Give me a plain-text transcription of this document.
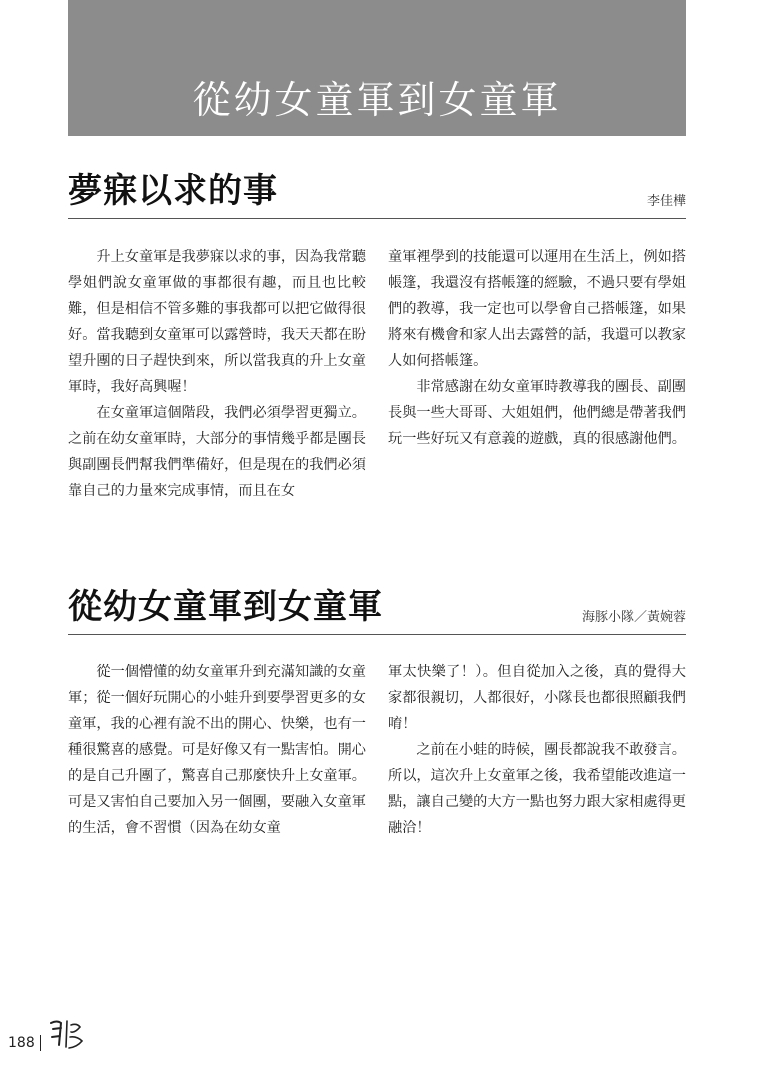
從幼女童軍到女童軍
夢寐以求的事	李佳樺

升上女童軍是我夢寐以求的事，因為我常聽學姐們說女童軍做的事都很有趣，而且也比較難，但是相信不管多難的事我都可以把它做得很好。當我聽到女童軍可以露營時，我天天都在盼望升團的日子趕快到來，所以當我真的升上女童軍時，我好高興喔！

在女童軍這個階段，我們必須學習更獨立。之前在幼女童軍時，大部分的事情幾乎都是團長與副團長們幫我們準備好，但是現在的我們必須靠自己的力量來完成事情，而且在女

童軍裡學到的技能還可以運用在生活上，例如搭帳篷，我還沒有搭帳篷的經驗，不過只要有學姐們的教導，我一定也可以學會自己搭帳篷，如果將來有機會和家人出去露營的話，我還可以教家人如何搭帳篷。

非常感謝在幼女童軍時教導我的團長、副團長與一些大哥哥、大姐姐們，他們總是帶著我們玩一些好玩又有意義的遊戲，真的很感謝他們。

從幼女童軍到女童軍	海豚小隊／黃婉蓉

從一個懵懂的幼女童軍升到充滿知識的女童軍；從一個好玩開心的小蛙升到要學習更多的女童軍，我的心裡有說不出的開心、快樂，也有一種很驚喜的感覺。可是好像又有一點害怕。開心的是自己升團了，驚喜自己那麼快升上女童軍。可是又害怕自己要加入另一個團，要融入女童軍的生活，會不習慣（因為在幼女童

軍太快樂了！）。但自從加入之後，真的覺得大家都很親切，人都很好，小隊長也都很照顧我們唷！

之前在小蛙的時候，團長都說我不敢發言。所以，這次升上女童軍之後，我希望能改進這一點，讓自己變的大方一點也努力跟大家相處得更融洽！

188
